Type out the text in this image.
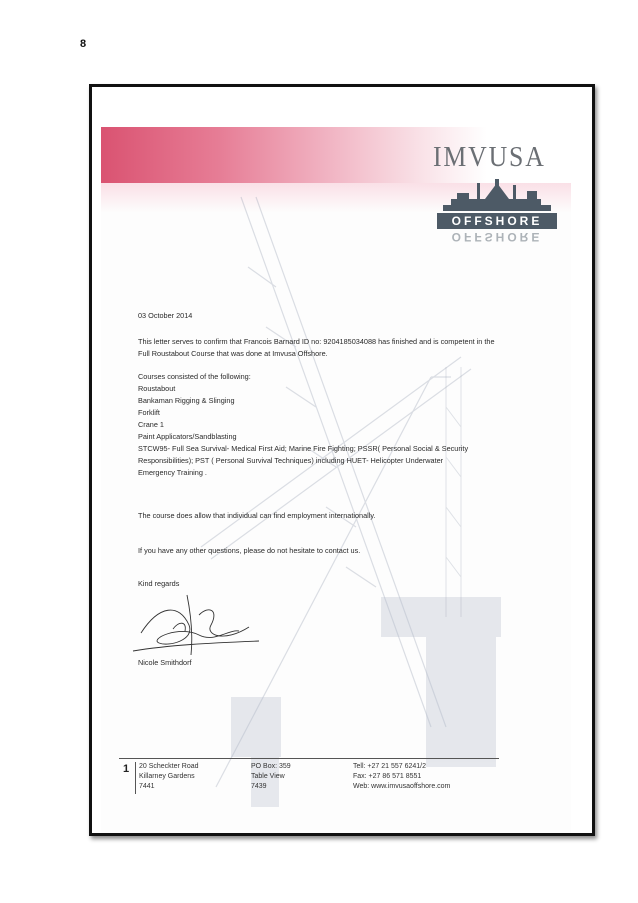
8
IMVUSA
OFFSHORE
OFFSHORE
03 October 2014
This letter serves to confirm that Francois Barnard ID no: 9204185034088 has finished and is competent in the Full Roustabout Course that was done at Imvusa Offshore.
Courses consisted of the following:
Roustabout
Bankaman Rigging & Slinging
Forklift
Crane 1
Paint Applicators/Sandblasting
STCW95- Full Sea Survival- Medical First Aid; Marine Fire Fighting; PSSR( Personal Social & Security
Responsibilities); PST ( Personal Survival Techniques) including HUET- Helicopter Underwater
Emergency Training .
The course does allow that individual can find employment internationally.
If you have any other questions, please do not hesitate to contact us.
Kind regards
Nicole Smithdorf
1 20 Scheckter Road
Killarney Gardens
7441
PO Box: 359
Table View
7439
Tell: +27 21 557 6241/2
Fax: +27 86 571 8551
Web: www.imvusaoffshore.com
